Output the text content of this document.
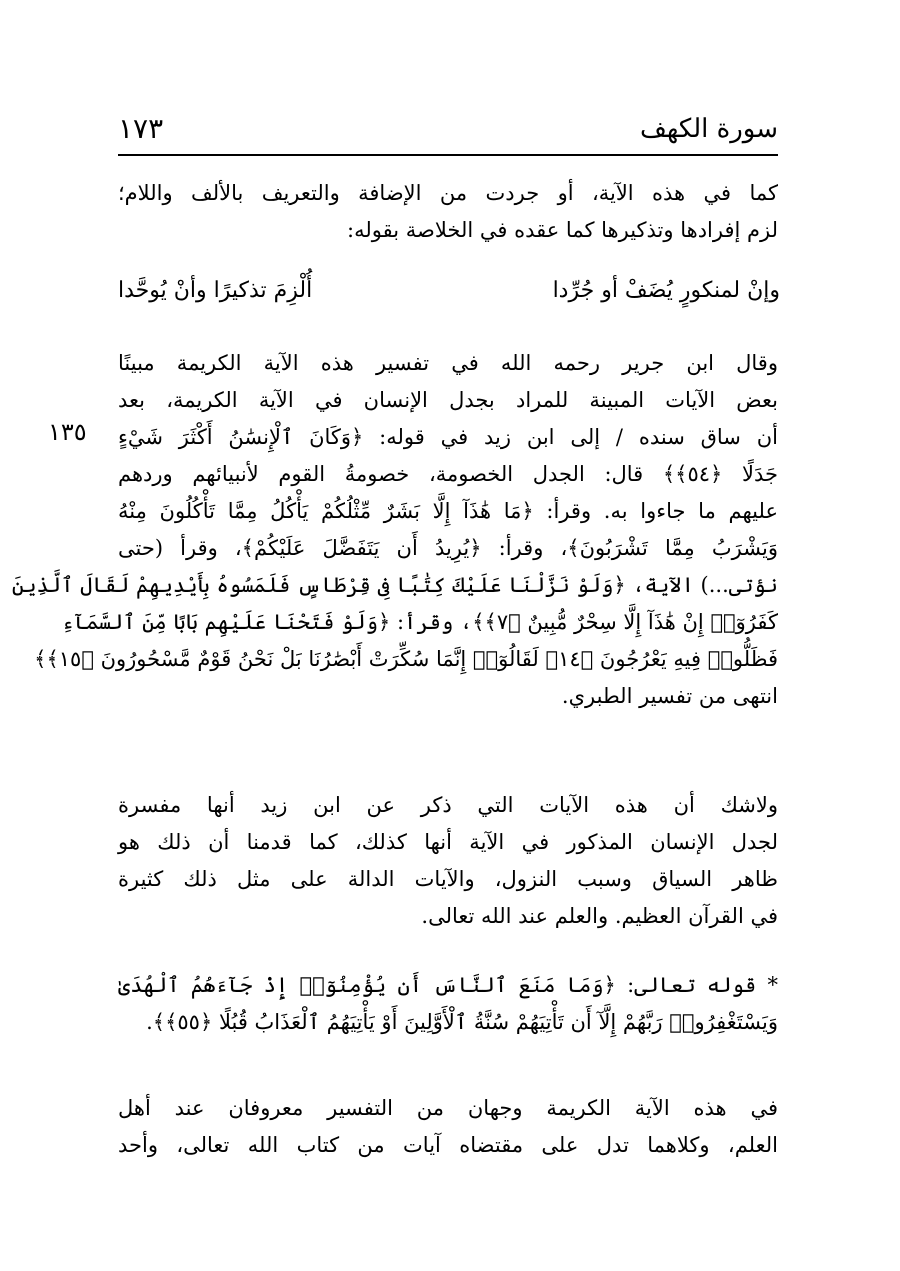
سورة الكهف
١٧٣
١٣٥
كما في هذه الآية، أو جردت من الإضافة والتعريف بالألف واللام؛
لزم إفرادها وتذكيرها كما عقده في الخلاصة بقوله:
وإنْ لمنكورٍ يُضَفْ أو جُرِّدا
أُلْزِمَ تذكيرًا وأنْ يُوحَّدا
وقال ابن جرير رحمه الله في تفسير هذه الآية الكريمة مبينًا
بعض الآيات المبينة للمراد بجدل الإنسان في الآية الكريمة، بعد
أن ساق سنده / إلى ابن زيد في قوله: ﴿وَكَانَ ٱلْإِنسَٰنُ أَكْثَرَ شَيْءٍ
جَدَلًا ﴿٥٤﴾﴾ قال: الجدل الخصومة، خصومةُ القوم لأنبيائهم وردهم
عليهم ما جاءوا به. وقرأ: ﴿مَا هَٰذَآ إِلَّا بَشَرٌ مِّثْلُكُمْ يَأْكُلُ مِمَّا تَأْكُلُونَ مِنْهُ
وَيَشْرَبُ مِمَّا تَشْرَبُونَ﴾، وقرأ: ﴿يُرِيدُ أَن يَتَفَضَّلَ عَلَيْكُمْ﴾، وقرأ (حتى
نؤتى...) الآية، ﴿وَلَوْ نَزَّلْنَا عَلَيْكَ كِتَٰبًا فِى قِرْطَاسٍ فَلَمَسُوهُ بِأَيْدِيهِمْ لَقَالَ ٱلَّذِينَ
كَفَرُوٓا۟ إِنْ هَٰذَآ إِلَّا سِحْرٌ مُّبِينٌ ﴿٧﴾﴾، وقرأ: ﴿وَلَوْ فَتَحْنَا عَلَيْهِم بَابًا مِّنَ ٱلسَّمَآءِ
فَظَلُّوا۟ فِيهِ يَعْرُجُونَ ﴿١٤﴾ لَقَالُوٓا۟ إِنَّمَا سُكِّرَتْ أَبْصَٰرُنَا بَلْ نَحْنُ قَوْمٌ مَّسْحُورُونَ ﴿١٥﴾﴾
انتهى من تفسير الطبري.
ولاشك أن هذه الآيات التي ذكر عن ابن زيد أنها مفسرة
لجدل الإنسان المذكور في الآية أنها كذلك، كما قدمنا أن ذلك هو
ظاهر السياق وسبب النزول، والآيات الدالة على مثل ذلك كثيرة
في القرآن العظيم. والعلم عند الله تعالى.
* قوله تعالى: ﴿وَمَا مَنَعَ ٱلنَّاسَ أَن يُؤْمِنُوٓا۟ إِذْ جَآءَهُمُ ٱلْهُدَىٰ
وَيَسْتَغْفِرُوا۟ رَبَّهُمْ إِلَّآ أَن تَأْتِيَهُمْ سُنَّةُ ٱلْأَوَّلِينَ أَوْ يَأْتِيَهُمُ ٱلْعَذَابُ قُبُلًا ﴿٥٥﴾﴾.
في هذه الآية الكريمة وجهان من التفسير معروفان عند أهل
العلم، وكلاهما تدل على مقتضاه آيات من كتاب الله تعالى، وأحد
